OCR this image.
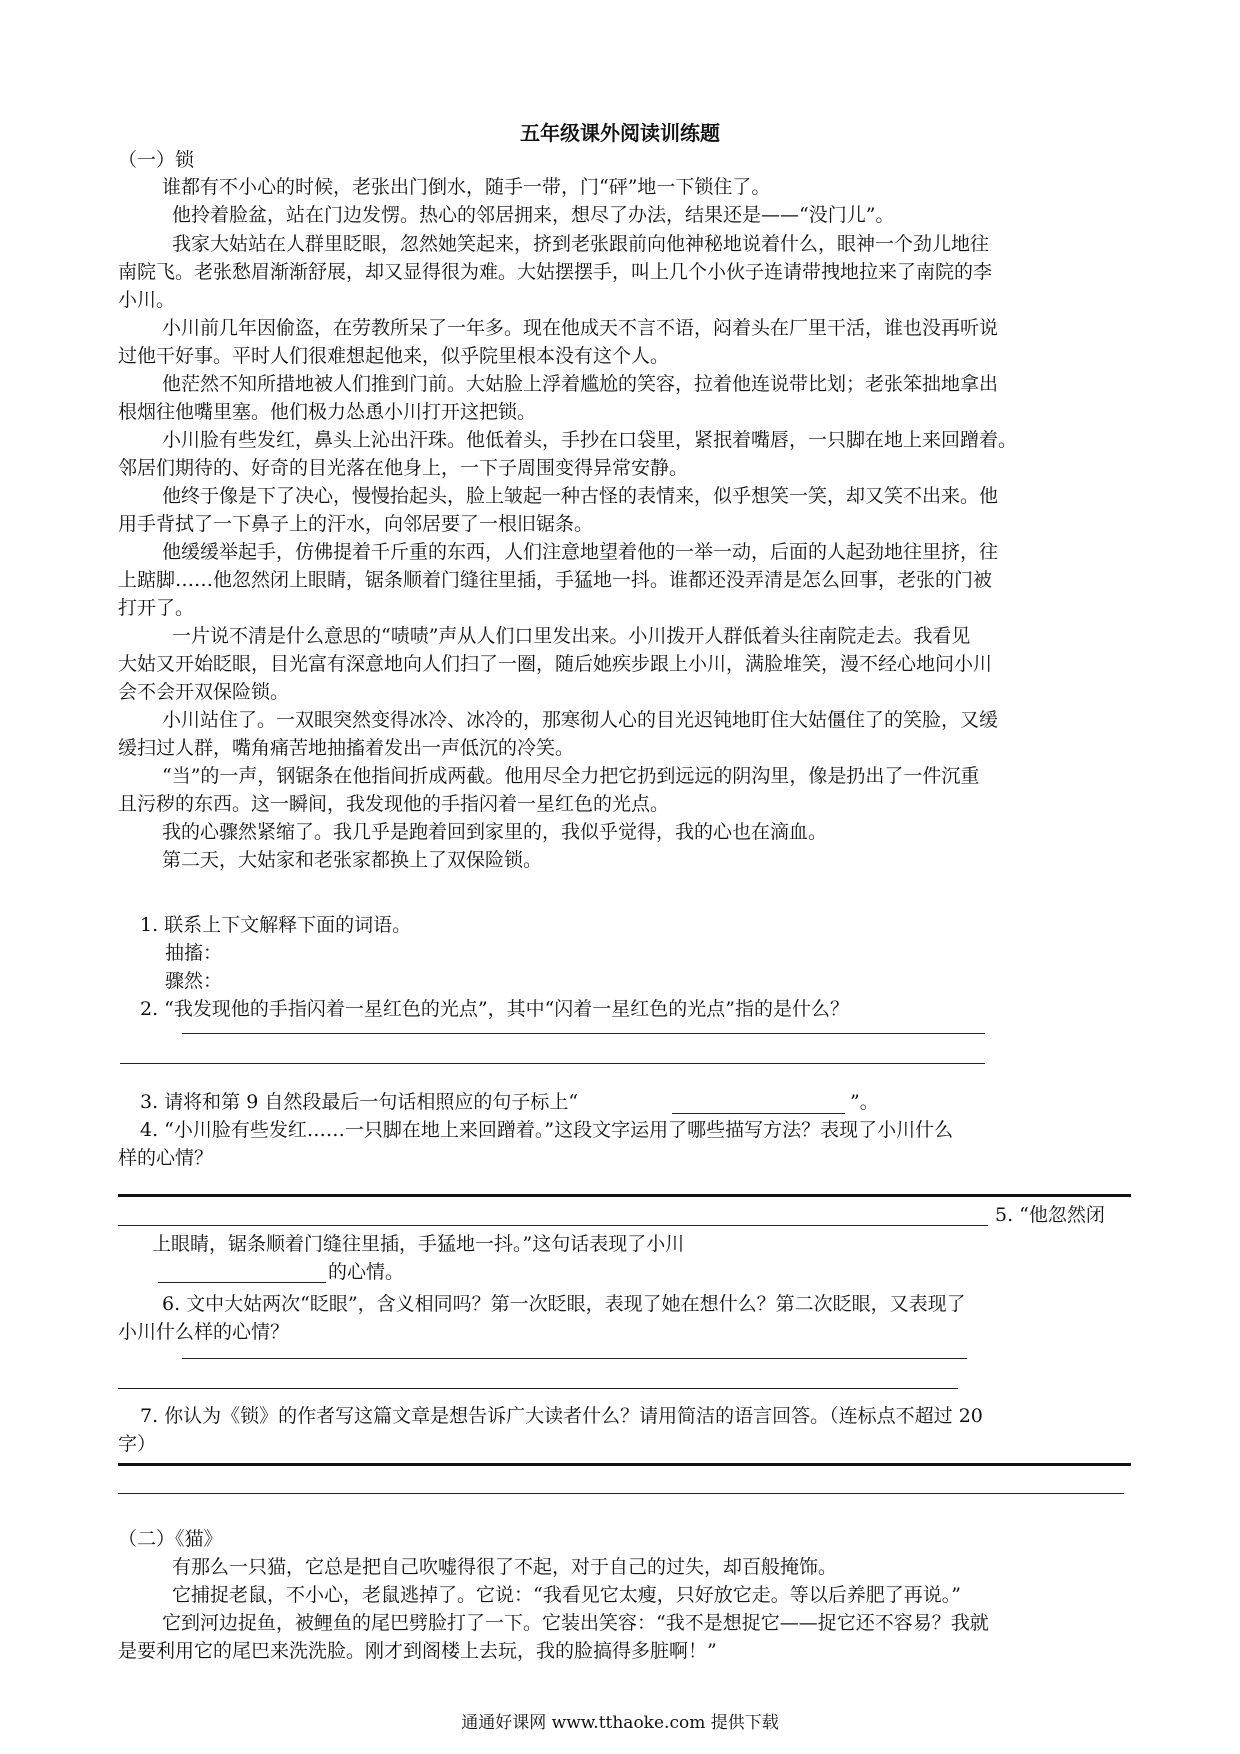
五年级课外阅读训练题
（一）锁
谁都有不小心的时候，老张出门倒水，随手一带，门“砰”地一下锁住了。
他拎着脸盆，站在门边发愣。热心的邻居拥来，想尽了办法，结果还是——“没门儿”。
我家大姑站在人群里眨眼，忽然她笑起来，挤到老张跟前向他神秘地说着什么，眼神一个劲儿地往
南院飞。老张愁眉渐渐舒展，却又显得很为难。大姑摆摆手，叫上几个小伙子连请带拽地拉来了南院的李
小川。
小川前几年因偷盗，在劳教所呆了一年多。现在他成天不言不语，闷着头在厂里干活，谁也没再听说
过他干好事。平时人们很难想起他来，似乎院里根本没有这个人。
他茫然不知所措地被人们推到门前。大姑脸上浮着尴尬的笑容，拉着他连说带比划；老张笨拙地拿出
根烟往他嘴里塞。他们极力怂恿小川打开这把锁。
小川脸有些发红，鼻头上沁出汗珠。他低着头，手抄在口袋里，紧抿着嘴唇，一只脚在地上来回蹭着。
邻居们期待的、好奇的目光落在他身上，一下子周围变得异常安静。
他终于像是下了决心，慢慢抬起头，脸上皱起一种古怪的表情来，似乎想笑一笑，却又笑不出来。他
用手背拭了一下鼻子上的汗水，向邻居要了一根旧锯条。
他缓缓举起手，仿佛提着千斤重的东西，人们注意地望着他的一举一动，后面的人起劲地往里挤，往
上踮脚……他忽然闭上眼睛，锯条顺着门缝往里插，手猛地一抖。谁都还没弄清是怎么回事，老张的门被
打开了。
一片说不清是什么意思的“啧啧”声从人们口里发出来。小川拨开人群低着头往南院走去。我看见
大姑又开始眨眼，目光富有深意地向人们扫了一圈，随后她疾步跟上小川，满脸堆笑，漫不经心地问小川
会不会开双保险锁。
小川站住了。一双眼突然变得冰冷、冰冷的，那寒彻人心的目光迟钝地盯住大姑僵住了的笑脸，又缓
缓扫过人群，嘴角痛苦地抽搐着发出一声低沉的冷笑。
“当”的一声，钢锯条在他指间折成两截。他用尽全力把它扔到远远的阴沟里，像是扔出了一件沉重
且污秽的东西。这一瞬间，我发现他的手指闪着一星红色的光点。
我的心骤然紧缩了。我几乎是跑着回到家里的，我似乎觉得，我的心也在滴血。
第二天，大姑家和老张家都换上了双保险锁。
1. 联系上下文解释下面的词语。
抽搐：
骤然：
2. “我发现他的手指闪着一星红色的光点”，其中“闪着一星红色的光点”指的是什么？
3. 请将和第 9 自然段最后一句话相照应的句子标上“	”。
4. “小川脸有些发红……一只脚在地上来回蹭着。”这段文字运用了哪些描写方法？表现了小川什么
样的心情？
5. “他忽然闭
上眼睛，锯条顺着门缝往里插，手猛地一抖。”这句话表现了小川
的心情。
6. 文中大姑两次“眨眼”，含义相同吗？第一次眨眼，表现了她在想什么？第二次眨眼，又表现了
小川什么样的心情？
7. 你认为《锁》的作者写这篇文章是想告诉广大读者什么？请用简洁的语言回答。（连标点不超过 20
字）
（二）《猫》
有那么一只猫，它总是把自己吹嘘得很了不起，对于自己的过失，却百般掩饰。
它捕捉老鼠，不小心，老鼠逃掉了。它说：“我看见它太瘦，只好放它走。等以后养肥了再说。”
它到河边捉鱼，被鲤鱼的尾巴劈脸打了一下。它装出笑容：“我不是想捉它——捉它还不容易？我就
是要利用它的尾巴来洗洗脸。刚才到阁楼上去玩，我的脸搞得多脏啊！”
通通好课网 www.tthaoke.com 提供下载
